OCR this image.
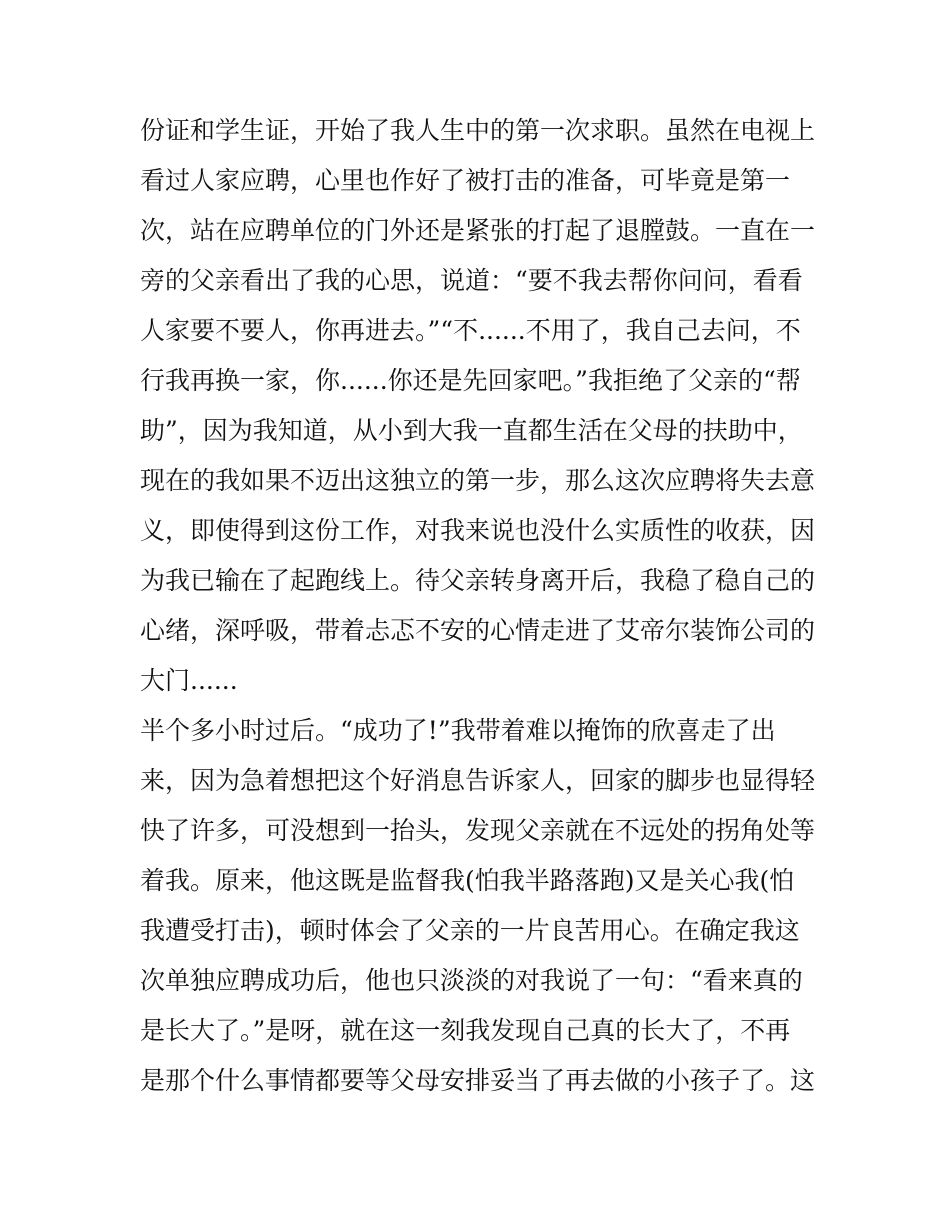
份证和学生证，开始了我人生中的第一次求职。虽然在电视上
看过人家应聘，心里也作好了被打击的准备，可毕竟是第一
次，站在应聘单位的门外还是紧张的打起了退膛鼓。一直在一
旁的父亲看出了我的心思，说道：“要不我去帮你问问，看看
人家要不要人，你再进去。”“不......不用了，我自己去问，不
行我再换一家，你......你还是先回家吧。”我拒绝了父亲的“帮
助”，因为我知道，从小到大我一直都生活在父母的扶助中，
现在的我如果不迈出这独立的第一步，那么这次应聘将失去意
义，即使得到这份工作，对我来说也没什么实质性的收获，因
为我已输在了起跑线上。待父亲转身离开后，我稳了稳自己的
心绪，深呼吸，带着忐忑不安的心情走进了艾帝尔装饰公司的
大门......
半个多小时过后。“成功了!”我带着难以掩饰的欣喜走了出
来，因为急着想把这个好消息告诉家人，回家的脚步也显得轻
快了许多，可没想到一抬头，发现父亲就在不远处的拐角处等
着我。原来，他这既是监督我(怕我半路落跑)又是关心我(怕
我遭受打击)，顿时体会了父亲的一片良苦用心。在确定我这
次单独应聘成功后，他也只淡淡的对我说了一句：“看来真的
是长大了。”是呀，就在这一刻我发现自己真的长大了，不再
是那个什么事情都要等父母安排妥当了再去做的小孩子了。这
